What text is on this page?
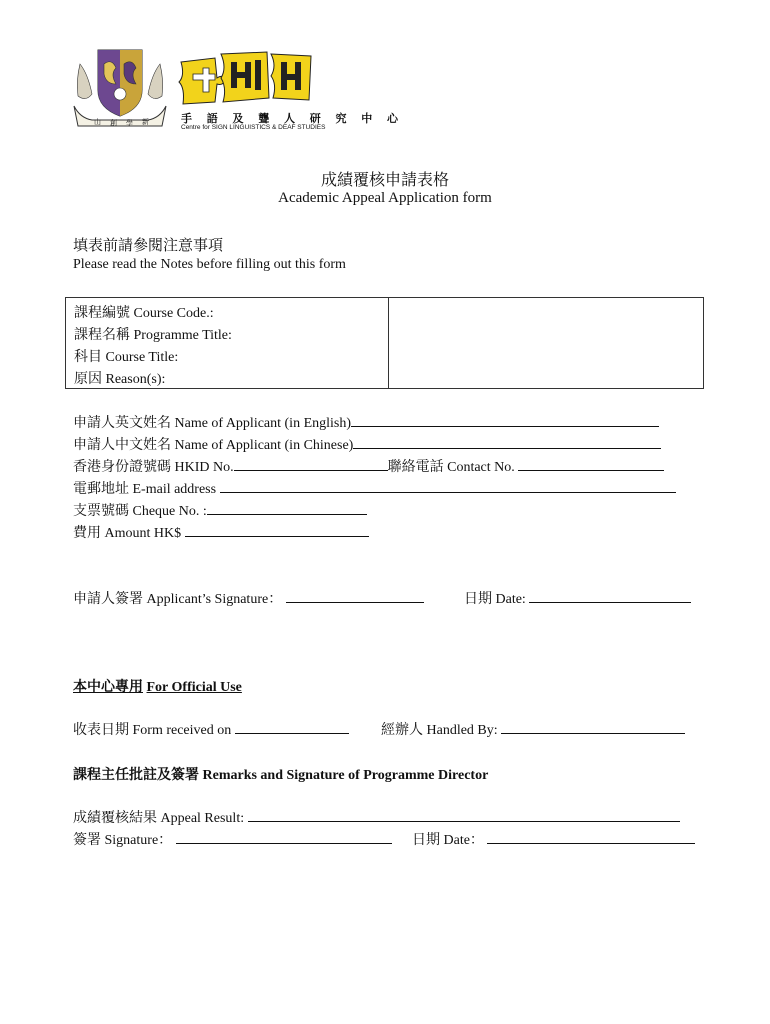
山 創 學 新	手 語 及 聾 人 研 究 中 心
Centre for SIGN LINGUISTICS & DEAF STUDIES
成績覆核申請表格
Academic Appeal Application form
填表前請參閱注意事項
Please read the Notes before filling out this form
課程編號 Course Code.:
課程名稱 Programme Title:
科目 Course Title:
原因 Reason(s):
申請人英文姓名 Name of Applicant (in English)
申請人中文姓名 Name of Applicant (in Chinese)
香港身份證號碼 HKID No.	聯絡電話 Contact No.
電郵地址 E-mail address
支票號碼 Cheque No. :
費用 Amount HK$
申請人簽署 Applicant’s Signature：	日期 Date:
本中心專用 For Official Use
收表日期 Form received on	經辦人 Handled By:
課程主任批註及簽署 Remarks and Signature of Programme Director
成績覆核結果 Appeal Result:
簽署 Signature：	日期 Date：
